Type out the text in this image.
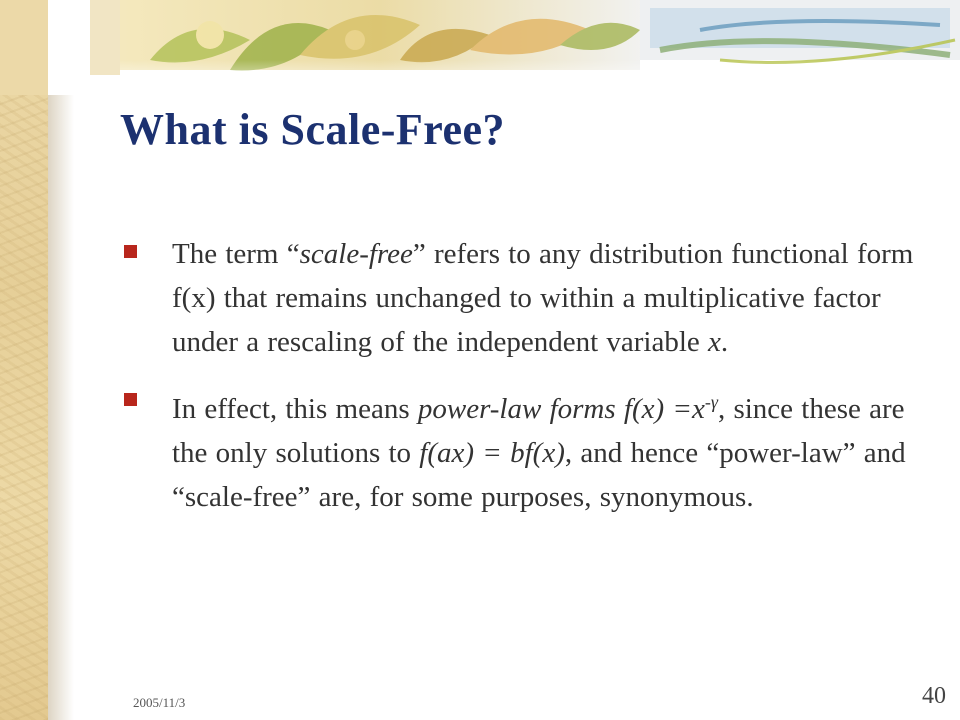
What is Scale-Free?
The term “scale-free” refers to any distribution functional form f(x) that remains unchanged to within a multiplicative factor under a rescaling of the independent variable x.
In effect, this means power-law forms $f(x) =x^{-\gamma}$, since these are the only solutions to f(ax) = bf(x), and hence “power-law” and “scale-free” are, for some purposes, synonymous.
2005/11/3	40
